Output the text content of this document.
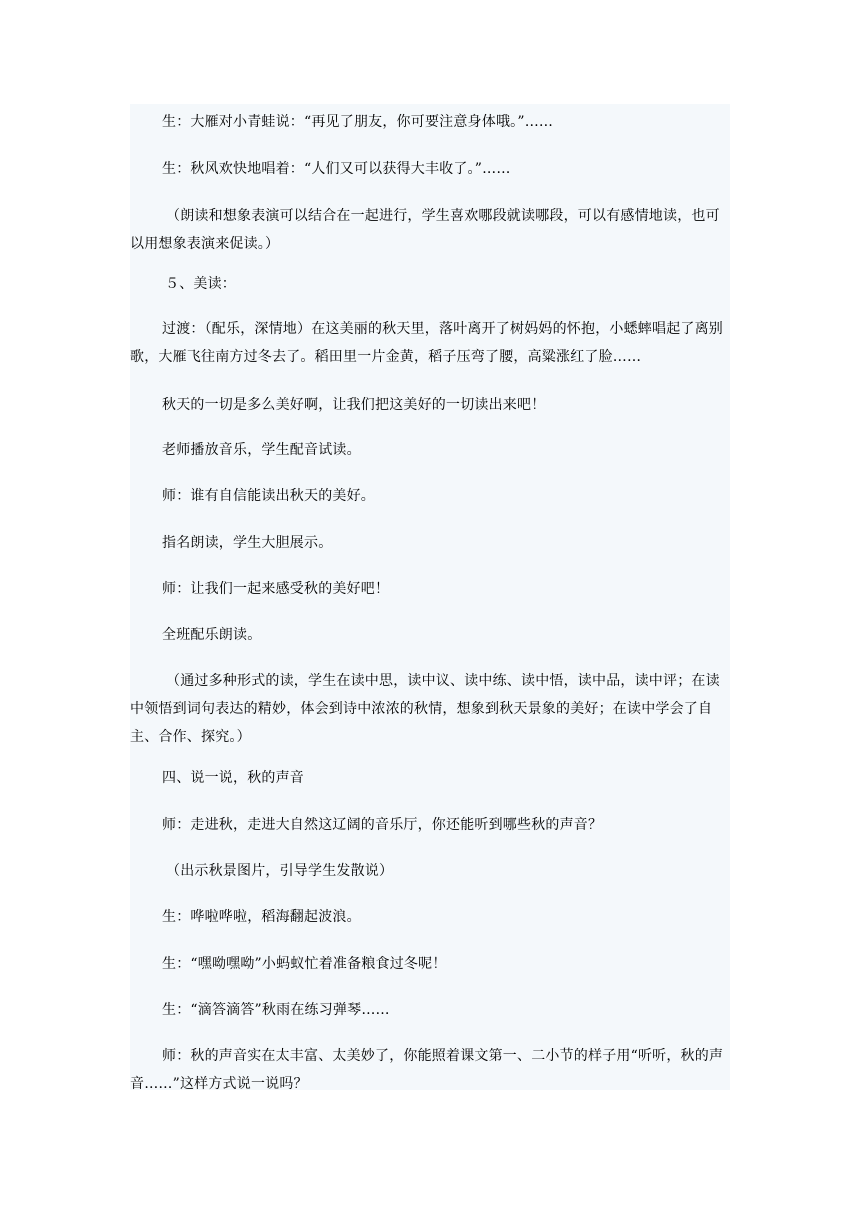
生：大雁对小青蛙说：“再见了朋友，你可要注意身体哦。”……

生：秋风欢快地唱着：“人们又可以获得大丰收了。”……

（朗读和想象表演可以结合在一起进行，学生喜欢哪段就读哪段，可以有感情地读，也可以用想象表演来促读。）

５、美读：

过渡：（配乐，深情地）在这美丽的秋天里，落叶离开了树妈妈的怀抱，小蟋蟀唱起了离别歌，大雁飞往南方过冬去了。稻田里一片金黄，稻子压弯了腰，高粱涨红了脸……

秋天的一切是多么美好啊，让我们把这美好的一切读出来吧！

老师播放音乐，学生配音试读。

师：谁有自信能读出秋天的美好。

指名朗读，学生大胆展示。

师：让我们一起来感受秋的美好吧！

全班配乐朗读。

（通过多种形式的读，学生在读中思，读中议、读中练、读中悟，读中品，读中评；在读中领悟到词句表达的精妙，体会到诗中浓浓的秋情，想象到秋天景象的美好；在读中学会了自主、合作、探究。）

四、说一说，秋的声音

师：走进秋，走进大自然这辽阔的音乐厅，你还能听到哪些秋的声音？

（出示秋景图片，引导学生发散说）

生：哗啦哗啦，稻海翻起波浪。

生：“嘿呦嘿呦”小蚂蚁忙着准备粮食过冬呢！

生：“滴答滴答”秋雨在练习弹琴……

师：秋的声音实在太丰富、太美妙了，你能照着课文第一、二小节的样子用“听听，秋的声音……”这样方式说一说吗？
